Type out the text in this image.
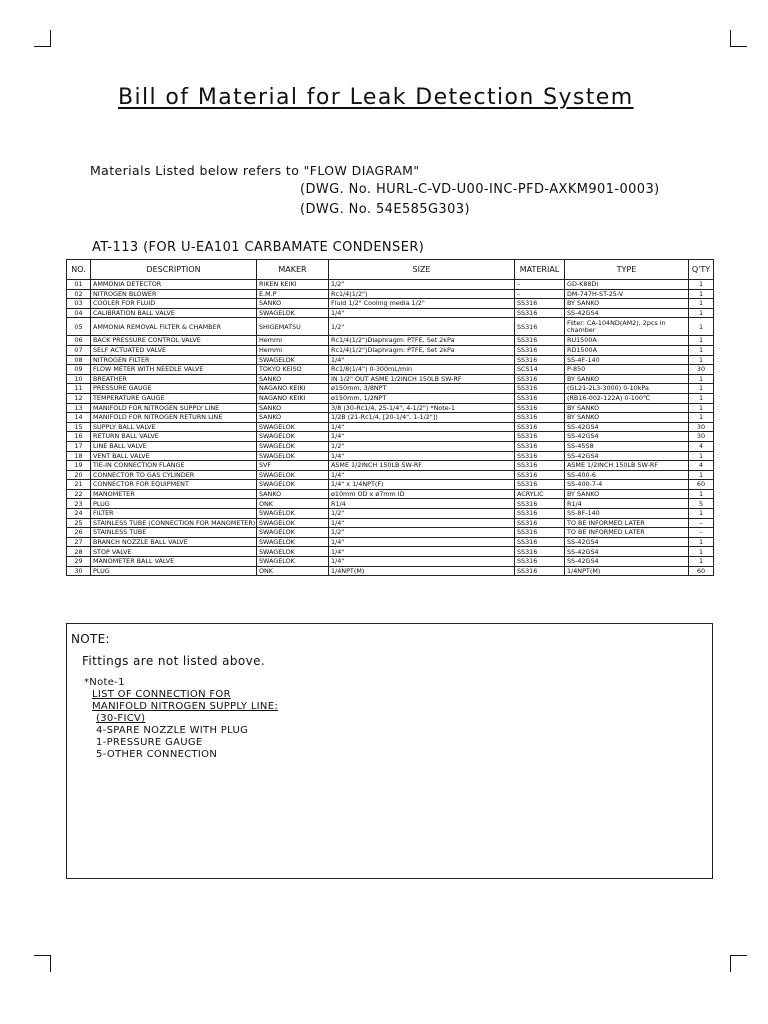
Bill of Material for Leak Detection System
Materials Listed below refers to "FLOW DIAGRAM"
(DWG. No. HURL-C-VD-U00-INC-PFD-AXKM901-0003)
(DWG. No. 54E585G303)
AT-113 (FOR U-EA101 CARBAMATE CONDENSER)
NO.	DESCRIPTION	MAKER	SIZE	MATERIAL	TYPE	Q'TY
01	AMMONIA DETECTOR	RIKEN KEIKI	1/2"	–	GD-K88Di	1
02	NITROGEN BLOWER	E.M.P	Rc1/4(1/2")	–	DM-747H-ST-25-V	1
03	COOLER FOR FLUID	SANKO	Fluid 1/2" Cooling media 1/2"	SS316	BY SANKO	1
04	CALIBRATION BALL VALVE	SWAGELOK	1/4"	SS316	SS-42GS4	1
05	AMMONIA REMOVAL FILTER & CHAMBER	SHIGEMATSU	1/2"	SS316	Filter: CA-104ND(AM2), 2pcs in chamber	1
06	BACK PRESSURE CONTROL VALVE	Hemmi	Rc1/4(1/2")Diaphragm: PTFE, Set 2kPa	SS316	RU1500A	1
07	SELF ACTUATED VALVE	Hemmi	Rc1/4(1/2")Diaphragm: PTFE, Set 2kPa	SS316	RD1500A	1
08	NITROGEN FILTER	SWAGELOK	1/4"	SS316	SS-4F-140	1
09	FLOW METER WITH NEEDLE VALVE	TOKYO KEISO	Rc1/8(1/4") 0-300mL/min	SCS14	P-850	30
10	BREATHER	SANKO	IN 1/2" OUT ASME 1/2INCH 150LB SW-RF	SS316	BY SANKO	1
11	PRESSURE GAUGE	NAGANO KEIKI	ø150mm, 3/8NPT	SS316	(GL21-2L3-3000) 0-10kPa	1
12	TEMPERATURE GAUGE	NAGANO KEIKI	ø150mm, 1/2NPT	SS316	(RB16-002-122A) 0-100℃	1
13	MANIFOLD FOR NITROGEN SUPPLY LINE	SANKO	3/8 (30-Rc1/4, 25-1/4", 4-1/2") *Note-1	SS316	BY SANKO	1
14	MANIFOLD FOR NITROGEN RETURN LINE	SANKO	1/2B (21-Rc1/4, [20-1/4", 1-1/2"])	SS316	BY SANKO	1
15	SUPPLY BALL VALVE	SWAGELOK	1/4"	SS316	SS-42GS4	30
16	RETURN BALL VALVE	SWAGELOK	1/4"	SS316	SS-42GS4	30
17	LINE BALL VALVE	SWAGELOK	1/2"	SS316	SS-45S8	4
18	VENT BALL VALVE	SWAGELOK	1/4"	SS316	SS-42GS4	1
19	TIE-IN CONNECTION FLANGE	SVF	ASME 1/2INCH 150LB SW-RF	SS316	ASME 1/2INCH 150LB SW-RF	4
20	CONNECTOR TO GAS CYLINDER	SWAGELOK	1/4"	SS316	SS-400-6	1
21	CONNECTOR FOR EQUIPMENT	SWAGELOK	1/4" x 1/4NPT(F)	SS316	SS-400-7-4	60
22	MANOMETER	SANKO	ø10mm OD x ø7mm ID	ACRYLIC	BY SANKO	1
23	PLUG	ONK	R1/4	SS316	R1/4	5
24	FILTER	SWAGELOK	1/2"	SS316	SS-8F-140	1
25	STAINLESS TUBE (CONNECTION FOR MANOMETER)	SWAGELOK	1/4"	SS316	TO BE INFORMED LATER	–
26	STAINLESS TUBE	SWAGELOK	1/2"	SS316	TO BE INFORMED LATER	–
27	BRANCH NOZZLE BALL VALVE	SWAGELOK	1/4"	SS316	SS-42GS4	1
28	STOP VALVE	SWAGELOK	1/4"	SS316	SS-42GS4	1
29	MANOMETER BALL VALVE	SWAGELOK	1/4"	SS316	SS-42GS4	1
30	PLUG	ONK	1/4NPT(M)	SS316	1/4NPT(M)	60
NOTE:
Fittings are not listed above.
*Note-1
LIST OF CONNECTION FOR
MANIFOLD NITROGEN SUPPLY LINE:
(30-FICV)
4-SPARE NOZZLE WITH PLUG
1-PRESSURE GAUGE
5-OTHER CONNECTION
